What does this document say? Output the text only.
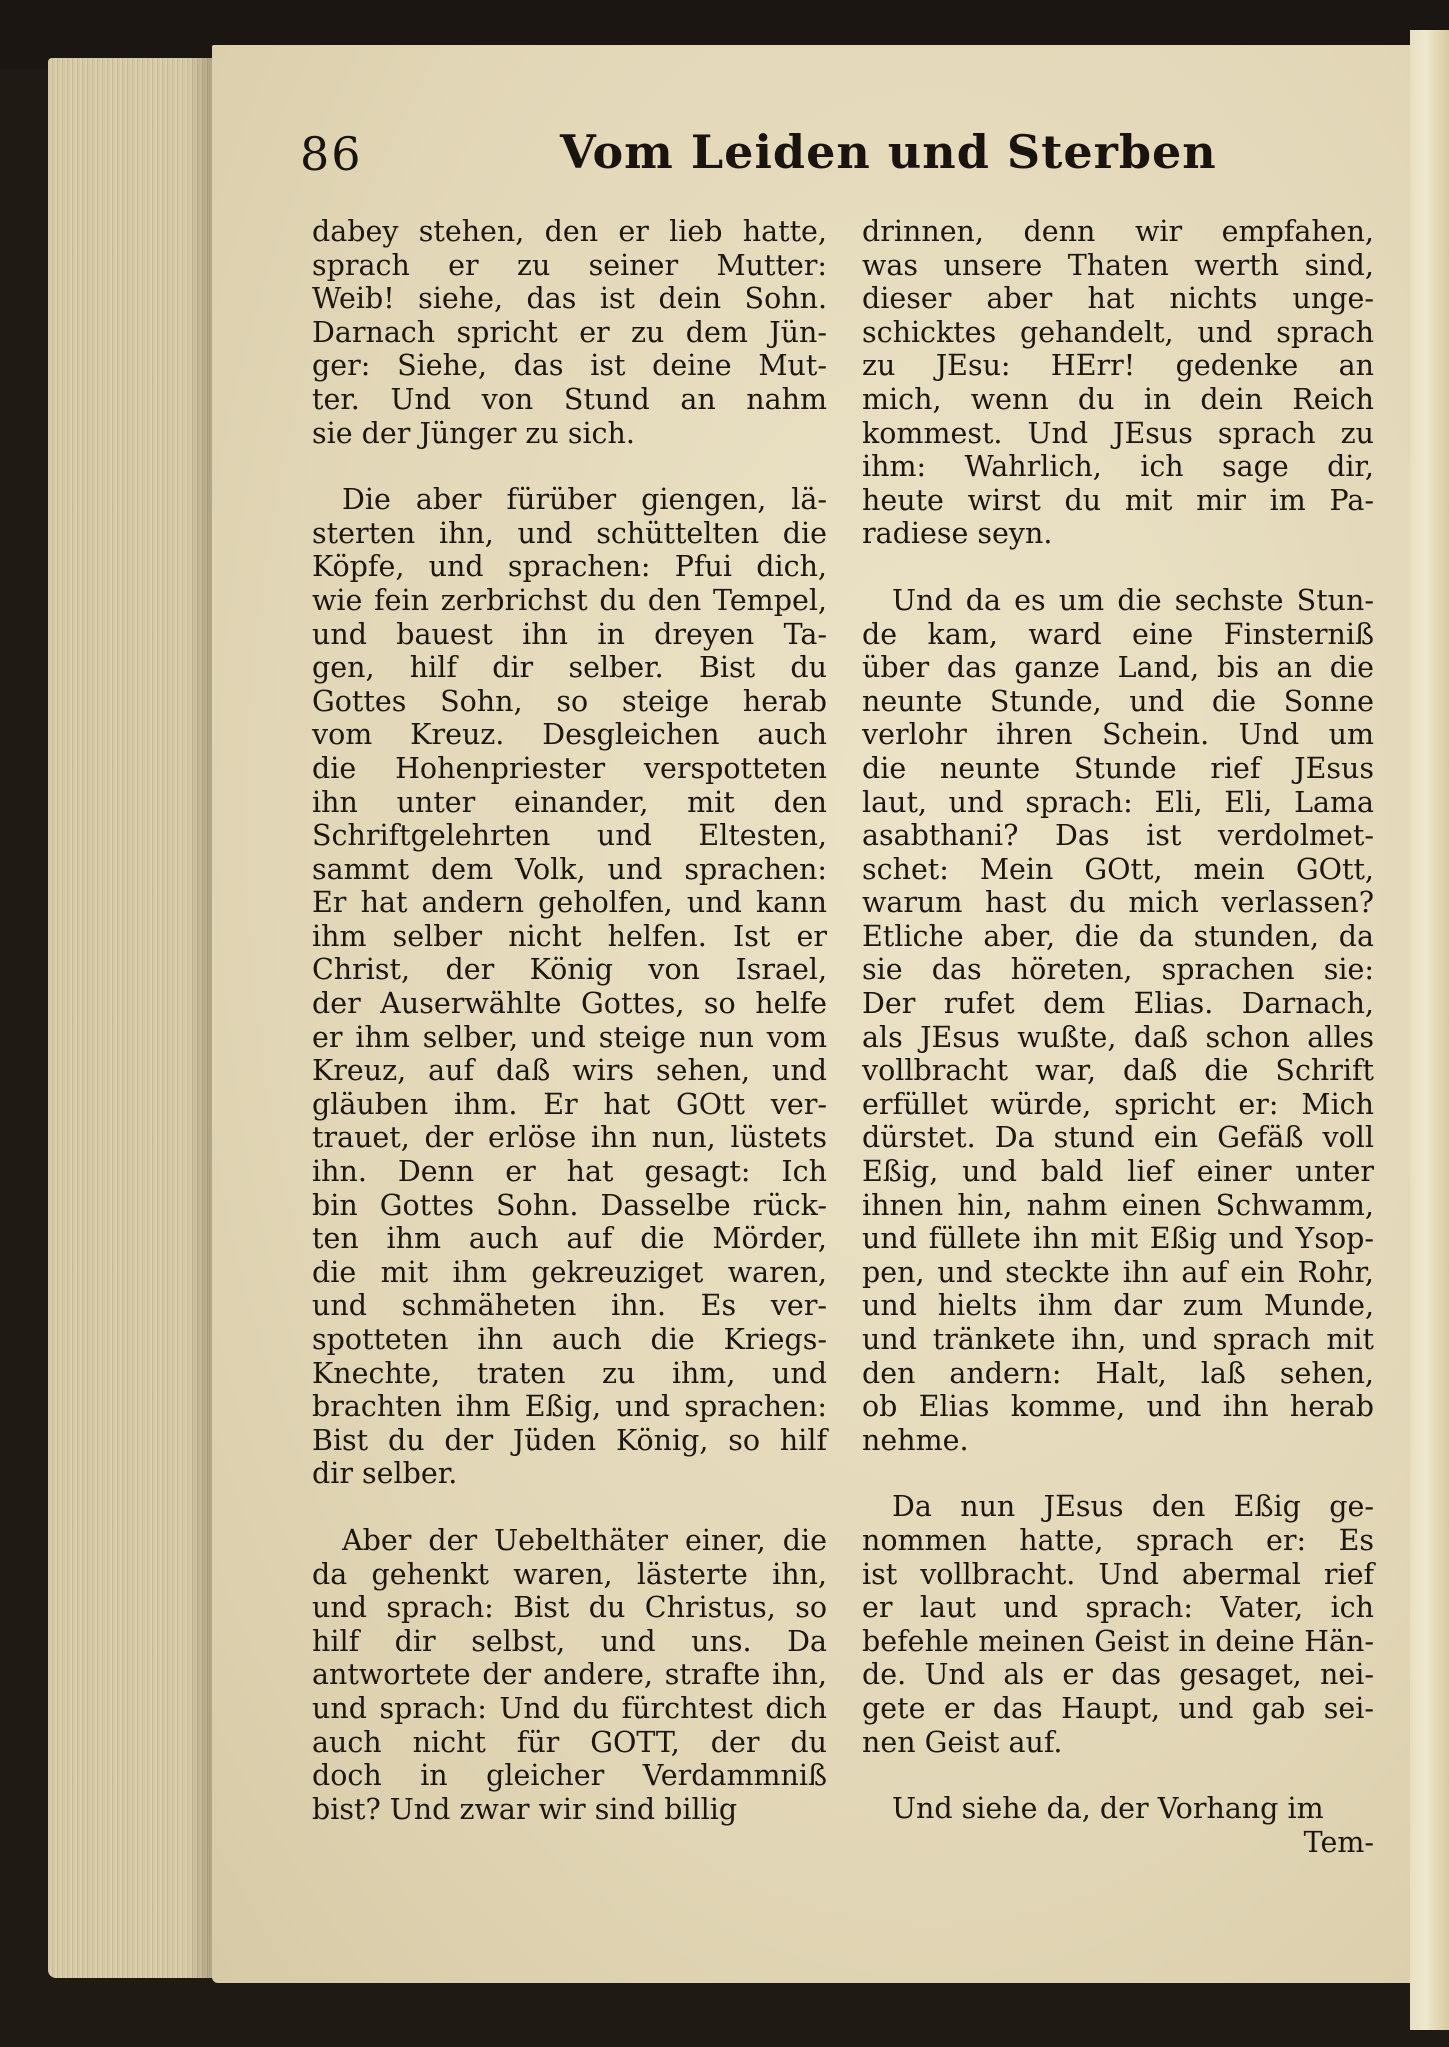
86	Vom Leiden und Sterben

dabey stehen, den er lieb hatte,
sprach er zu seiner Mutter:
Weib! siehe, das ist dein Sohn.
Darnach spricht er zu dem Jün-
ger: Siehe, das ist deine Mut-
ter. Und von Stund an nahm
sie der Jünger zu sich.

Die aber fürüber giengen, lä-
sterten ihn, und schüttelten die
Köpfe, und sprachen: Pfui dich,
wie fein zerbrichst du den Tempel,
und bauest ihn in dreyen Ta-
gen, hilf dir selber. Bist du
Gottes Sohn, so steige herab
vom Kreuz. Desgleichen auch
die Hohenpriester verspotteten
ihn unter einander, mit den
Schriftgelehrten und Eltesten,
sammt dem Volk, und sprachen:
Er hat andern geholfen, und kann
ihm selber nicht helfen. Ist er
Christ, der König von Israel,
der Auserwählte Gottes, so helfe
er ihm selber, und steige nun vom
Kreuz, auf daß wirs sehen, und
gläuben ihm. Er hat GOtt ver-
trauet, der erlöse ihn nun, lüstets
ihn. Denn er hat gesagt: Ich
bin Gottes Sohn. Dasselbe rück-
ten ihm auch auf die Mörder,
die mit ihm gekreuziget waren,
und schmäheten ihn. Es ver-
spotteten ihn auch die Kriegs-
Knechte, traten zu ihm, und
brachten ihm Eßig, und sprachen:
Bist du der Jüden König, so hilf
dir selber.

Aber der Uebelthäter einer, die
da gehenkt waren, lästerte ihn,
und sprach: Bist du Christus, so
hilf dir selbst, und uns. Da
antwortete der andere, strafte ihn,
und sprach: Und du fürchtest dich
auch nicht für GOTT, der du
doch in gleicher Verdammniß
bist? Und zwar wir sind billig

drinnen, denn wir empfahen,
was unsere Thaten werth sind,
dieser aber hat nichts unge-
schicktes gehandelt, und sprach
zu JEsu: HErr! gedenke an
mich, wenn du in dein Reich
kommest. Und JEsus sprach zu
ihm: Wahrlich, ich sage dir,
heute wirst du mit mir im Pa-
radiese seyn.

Und da es um die sechste Stun-
de kam, ward eine Finsterniß
über das ganze Land, bis an die
neunte Stunde, und die Sonne
verlohr ihren Schein. Und um
die neunte Stunde rief JEsus
laut, und sprach: Eli, Eli, Lama
asabthani? Das ist verdolmet-
schet: Mein GOtt, mein GOtt,
warum hast du mich verlassen?
Etliche aber, die da stunden, da
sie das höreten, sprachen sie:
Der rufet dem Elias. Darnach,
als JEsus wußte, daß schon alles
vollbracht war, daß die Schrift
erfüllet würde, spricht er: Mich
dürstet. Da stund ein Gefäß voll
Eßig, und bald lief einer unter
ihnen hin, nahm einen Schwamm,
und füllete ihn mit Eßig und Ysop-
pen, und steckte ihn auf ein Rohr,
und hielts ihm dar zum Munde,
und tränkete ihn, und sprach mit
den andern: Halt, laß sehen,
ob Elias komme, und ihn herab
nehme.

Da nun JEsus den Eßig ge-
nommen hatte, sprach er: Es
ist vollbracht. Und abermal rief
er laut und sprach: Vater, ich
befehle meinen Geist in deine Hän-
de. Und als er das gesaget, nei-
gete er das Haupt, und gab sei-
nen Geist auf.

Und siehe da, der Vorhang im
Tem-
